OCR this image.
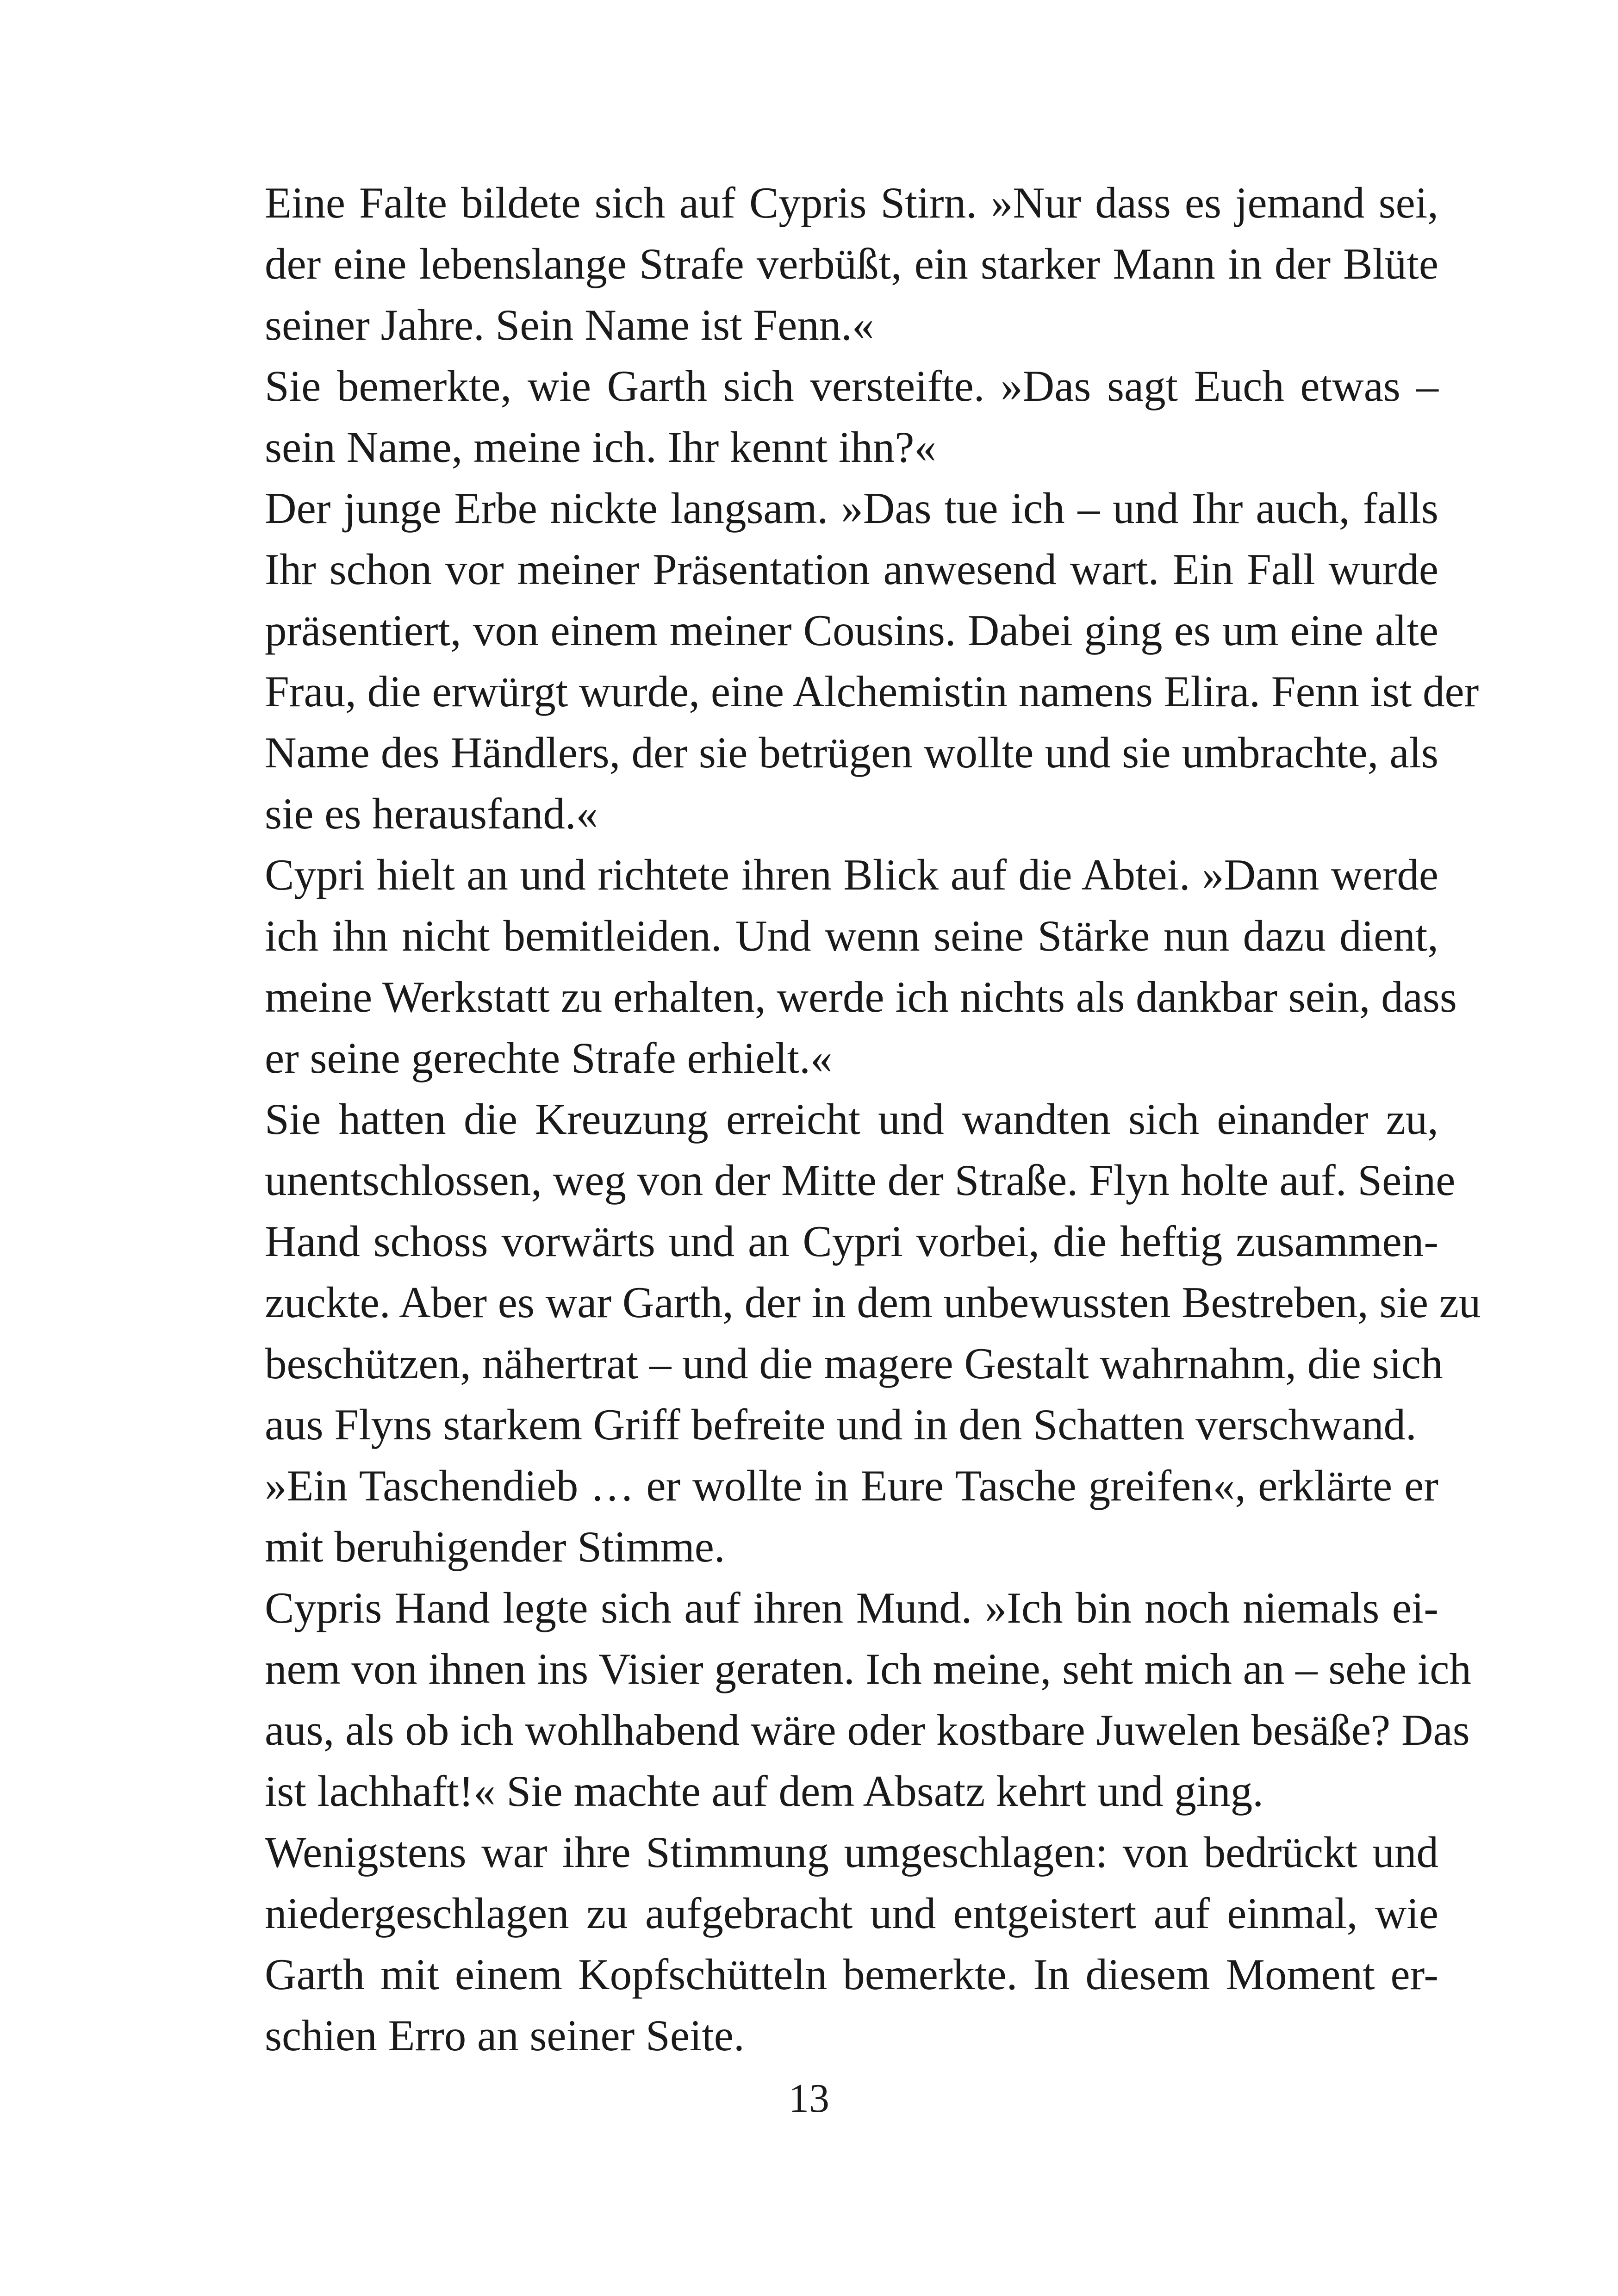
Eine Falte bildete sich auf Cypris Stirn. »Nur dass es jemand sei,
der eine lebenslange Strafe verbüßt, ein starker Mann in der Blüte
seiner Jahre. Sein Name ist Fenn.«
Sie bemerkte, wie Garth sich versteifte. »Das sagt Euch etwas –
sein Name, meine ich. Ihr kennt ihn?«
Der junge Erbe nickte langsam. »Das tue ich – und Ihr auch, falls
Ihr schon vor meiner Präsentation anwesend wart. Ein Fall wurde
präsentiert, von einem meiner Cousins. Dabei ging es um eine alte
Frau, die erwürgt wurde, eine Alchemistin namens Elira. Fenn ist der
Name des Händlers, der sie betrügen wollte und sie umbrachte, als
sie es herausfand.«
Cypri hielt an und richtete ihren Blick auf die Abtei. »Dann werde
ich ihn nicht bemitleiden. Und wenn seine Stärke nun dazu dient,
meine Werkstatt zu erhalten, werde ich nichts als dankbar sein, dass
er seine gerechte Strafe erhielt.«
Sie hatten die Kreuzung erreicht und wandten sich einander zu,
unentschlossen, weg von der Mitte der Straße. Flyn holte auf. Seine
Hand schoss vorwärts und an Cypri vorbei, die heftig zusammen-
zuckte. Aber es war Garth, der in dem unbewussten Bestreben, sie zu
beschützen, nähertrat – und die magere Gestalt wahrnahm, die sich
aus Flyns starkem Griff befreite und in den Schatten verschwand.
»Ein Taschendieb … er wollte in Eure Tasche greifen«, erklärte er
mit beruhigender Stimme.
Cypris Hand legte sich auf ihren Mund. »Ich bin noch niemals ei-
nem von ihnen ins Visier geraten. Ich meine, seht mich an – sehe ich
aus, als ob ich wohlhabend wäre oder kostbare Juwelen besäße? Das
ist lachhaft!« Sie machte auf dem Absatz kehrt und ging.
Wenigstens war ihre Stimmung umgeschlagen: von bedrückt und
niedergeschlagen zu aufgebracht und entgeistert auf einmal, wie
Garth mit einem Kopfschütteln bemerkte. In diesem Moment er-
schien Erro an seiner Seite.
13
